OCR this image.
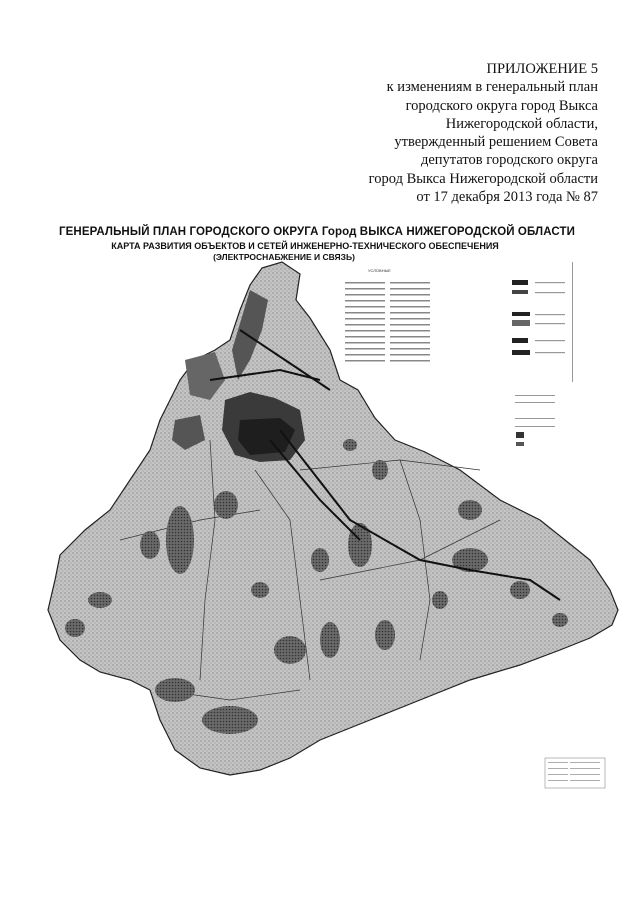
ПРИЛОЖЕНИЕ 5
к изменениям в генеральный план
городского округа город Выкса
Нижегородской области,
утвержденный решением Совета
депутатов городского округа
город Выкса Нижегородской области
от 17 декабря 2013 года № 87
ГЕНЕРАЛЬНЫЙ ПЛАН ГОРОДСКОГО ОКРУГА Город ВЫКСА НИЖЕГОРОДСКОЙ ОБЛАСТИ
КАРТА РАЗВИТИЯ ОБЪЕКТОВ И СЕТЕЙ ИНЖЕНЕРНО-ТЕХНИЧЕСКОГО ОБЕСПЕЧЕНИЯ
(ЭЛЕКТРОСНАБЖЕНИЕ И СВЯЗЬ)
УСЛОВНЫЕ
